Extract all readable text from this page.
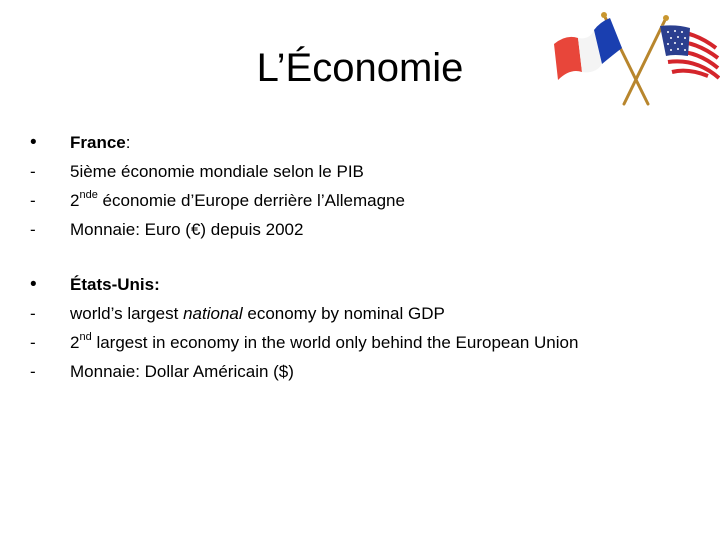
L’Économie
•	France:
-	5ième économie mondiale selon le PIB
-	2nde économie d’Europe derrière l’Allemagne
-	Monnaie: Euro (€) depuis 2002
•	États-Unis:
-	world’s largest national economy by nominal GDP
-	2nd largest in economy in the world only behind the European Union
-	Monnaie: Dollar Américain ($)
